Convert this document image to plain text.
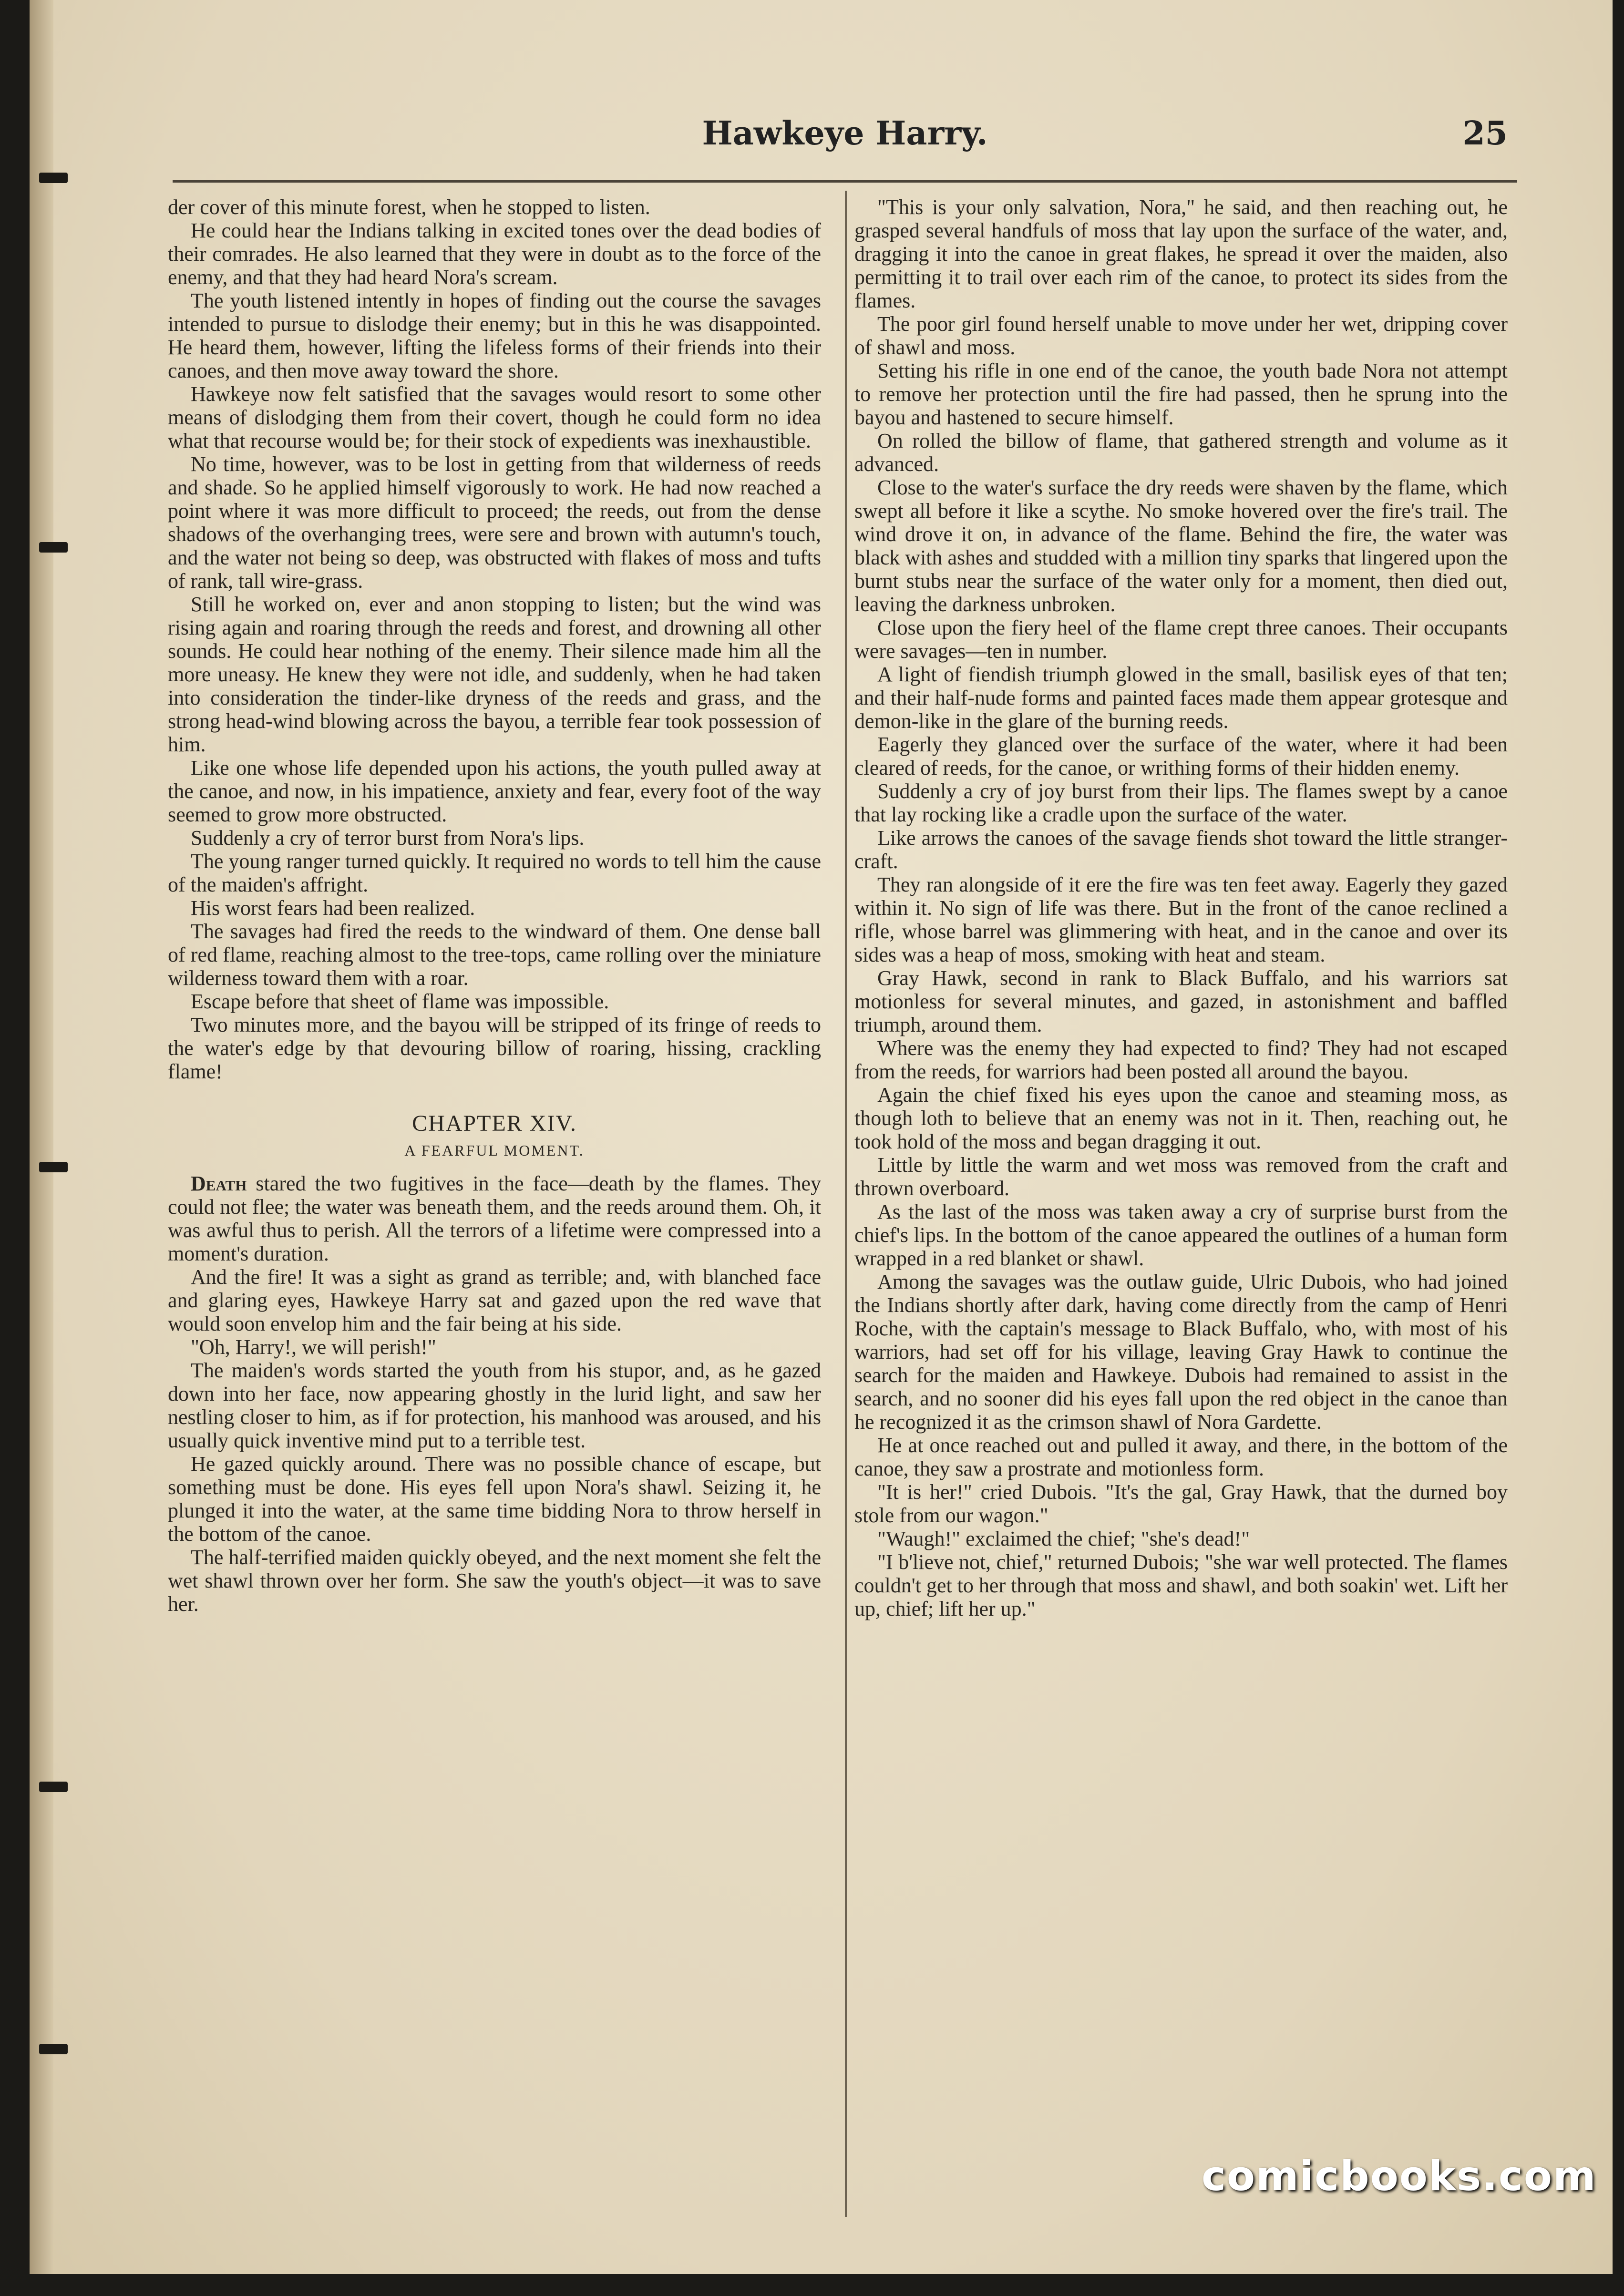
Hawkeye Harry.	25

der cover of this minute forest, when he stopped to listen.

He could hear the Indians talking in excited tones over the dead bodies of their comrades. He also learned that they were in doubt as to the force of the enemy, and that they had heard Nora's scream.

The youth listened intently in hopes of finding out the course the savages intended to pursue to dislodge their enemy; but in this he was disappointed. He heard them, however, lifting the lifeless forms of their friends into their canoes, and then move away toward the shore.

Hawkeye now felt satisfied that the savages would resort to some other means of dislodging them from their covert, though he could form no idea what that recourse would be; for their stock of expedients was inexhaustible.

No time, however, was to be lost in getting from that wilderness of reeds and shade. So he applied himself vigorously to work. He had now reached a point where it was more difficult to proceed; the reeds, out from the dense shadows of the overhanging trees, were sere and brown with autumn's touch, and the water not being so deep, was obstructed with flakes of moss and tufts of rank, tall wire-grass.

Still he worked on, ever and anon stopping to listen; but the wind was rising again and roaring through the reeds and forest, and drowning all other sounds. He could hear nothing of the enemy. Their silence made him all the more uneasy. He knew they were not idle, and suddenly, when he had taken into consideration the tinder-like dryness of the reeds and grass, and the strong head-wind blowing across the bayou, a terrible fear took possession of him.

Like one whose life depended upon his actions, the youth pulled away at the canoe, and now, in his impatience, anxiety and fear, every foot of the way seemed to grow more obstructed.

Suddenly a cry of terror burst from Nora's lips.

The young ranger turned quickly. It required no words to tell him the cause of the maiden's affright.

His worst fears had been realized.

The savages had fired the reeds to the windward of them. One dense ball of red flame, reaching almost to the tree-tops, came rolling over the miniature wilderness toward them with a roar.

Escape before that sheet of flame was impossible.

Two minutes more, and the bayou will be stripped of its fringe of reeds to the water's edge by that devouring billow of roaring, hissing, crackling flame!

CHAPTER XIV.
A FEARFUL MOMENT.

Death stared the two fugitives in the face—death by the flames. They could not flee; the water was beneath them, and the reeds around them. Oh, it was awful thus to perish. All the terrors of a lifetime were compressed into a moment's duration.

And the fire! It was a sight as grand as terrible; and, with blanched face and glaring eyes, Hawkeye Harry sat and gazed upon the red wave that would soon envelop him and the fair being at his side.

"Oh, Harry!, we will perish!"

The maiden's words started the youth from his stupor, and, as he gazed down into her face, now appearing ghostly in the lurid light, and saw her nestling closer to him, as if for protection, his manhood was aroused, and his usually quick inventive mind put to a terrible test.

He gazed quickly around. There was no possible chance of escape, but something must be done. His eyes fell upon Nora's shawl. Seizing it, he plunged it into the water, at the same time bidding Nora to throw herself in the bottom of the canoe.

The half-terrified maiden quickly obeyed, and the next moment she felt the wet shawl thrown over her form. She saw the youth's object—it was to save her.

"This is your only salvation, Nora," he said, and then reaching out, he grasped several handfuls of moss that lay upon the surface of the water, and, dragging it into the canoe in great flakes, he spread it over the maiden, also permitting it to trail over each rim of the canoe, to protect its sides from the flames.

The poor girl found herself unable to move under her wet, dripping cover of shawl and moss.

Setting his rifle in one end of the canoe, the youth bade Nora not attempt to remove her protection until the fire had passed, then he sprung into the bayou and hastened to secure himself.

On rolled the billow of flame, that gathered strength and volume as it advanced.

Close to the water's surface the dry reeds were shaven by the flame, which swept all before it like a scythe. No smoke hovered over the fire's trail. The wind drove it on, in advance of the flame. Behind the fire, the water was black with ashes and studded with a million tiny sparks that lingered upon the burnt stubs near the surface of the water only for a moment, then died out, leaving the darkness unbroken.

Close upon the fiery heel of the flame crept three canoes. Their occupants were savages—ten in number.

A light of fiendish triumph glowed in the small, basilisk eyes of that ten; and their half-nude forms and painted faces made them appear grotesque and demon-like in the glare of the burning reeds.

Eagerly they glanced over the surface of the water, where it had been cleared of reeds, for the canoe, or writhing forms of their hidden enemy.

Suddenly a cry of joy burst from their lips. The flames swept by a canoe that lay rocking like a cradle upon the surface of the water.

Like arrows the canoes of the savage fiends shot toward the little stranger-craft.

They ran alongside of it ere the fire was ten feet away. Eagerly they gazed within it. No sign of life was there. But in the front of the canoe reclined a rifle, whose barrel was glimmering with heat, and in the canoe and over its sides was a heap of moss, smoking with heat and steam.

Gray Hawk, second in rank to Black Buffalo, and his warriors sat motionless for several minutes, and gazed, in astonishment and baffled triumph, around them.

Where was the enemy they had expected to find? They had not escaped from the reeds, for warriors had been posted all around the bayou.

Again the chief fixed his eyes upon the canoe and steaming moss, as though loth to believe that an enemy was not in it. Then, reaching out, he took hold of the moss and began dragging it out.

Little by little the warm and wet moss was removed from the craft and thrown overboard.

As the last of the moss was taken away a cry of surprise burst from the chief's lips. In the bottom of the canoe appeared the outlines of a human form wrapped in a red blanket or shawl.

Among the savages was the outlaw guide, Ulric Dubois, who had joined the Indians shortly after dark, having come directly from the camp of Henri Roche, with the captain's message to Black Buffalo, who, with most of his warriors, had set off for his village, leaving Gray Hawk to continue the search for the maiden and Hawkeye. Dubois had remained to assist in the search, and no sooner did his eyes fall upon the red object in the canoe than he recognized it as the crimson shawl of Nora Gardette.

He at once reached out and pulled it away, and there, in the bottom of the canoe, they saw a prostrate and motionless form.

"It is her!" cried Dubois. "It's the gal, Gray Hawk, that the durned boy stole from our wagon."

"Waugh!" exclaimed the chief; "she's dead!"

"I b'lieve not, chief," returned Dubois; "she war well protected. The flames couldn't get to her through that moss and shawl, and both soakin' wet. Lift her up, chief; lift her up."

comicbooks.com
